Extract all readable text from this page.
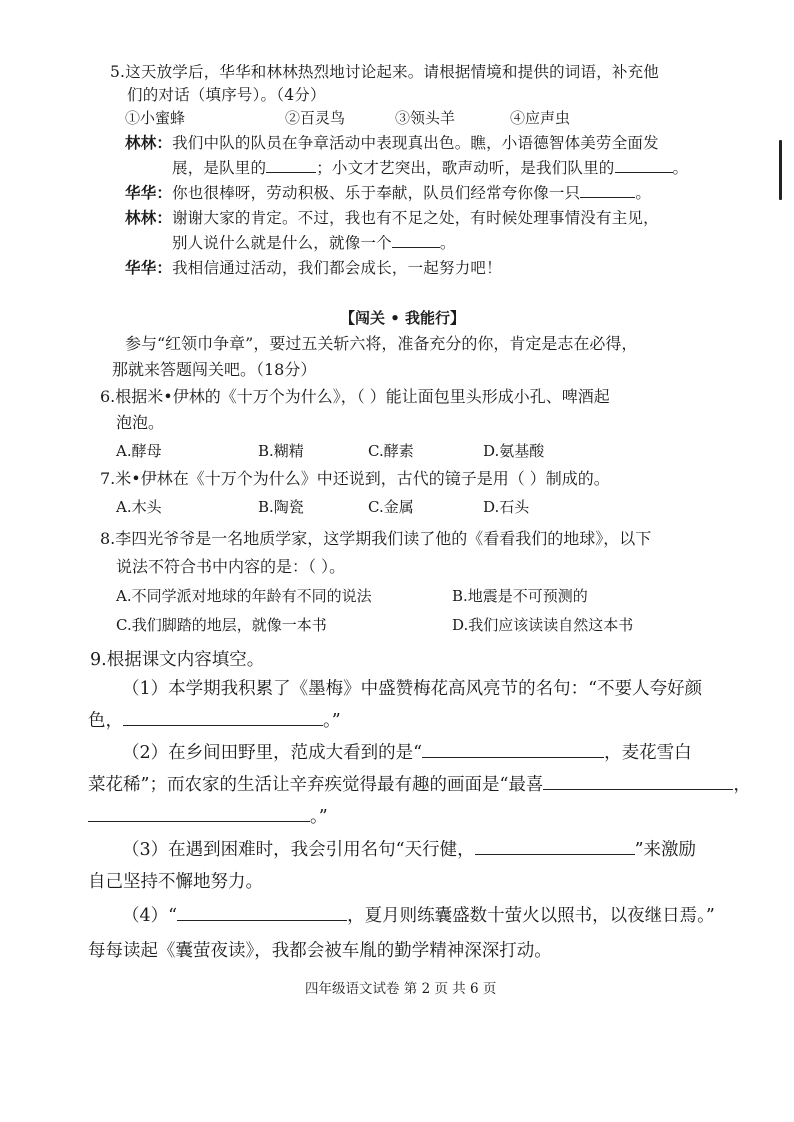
5.这天放学后，华华和林林热烈地讨论起来。请根据情境和提供的词语，补充他
们的对话（填序号）。（4分）
①小蜜蜂	②百灵鸟	③领头羊	④应声虫
林林：我们中队的队员在争章活动中表现真出色。瞧，小语德智体美劳全面发
展，是队里的	；小文才艺突出，歌声动听，是我们队里的	。
华华：你也很棒呀，劳动积极、乐于奉献，队员们经常夸你像一只	。
林林：谢谢大家的肯定。不过，我也有不足之处，有时候处理事情没有主见，
别人说什么就是什么，就像一个	。
华华：我相信通过活动，我们都会成长，一起努力吧！
【闯关 • 我能行】
参与“红领巾争章”，要过五关斩六将，准备充分的你，肯定是志在必得，
那就来答题闯关吧。（18分）
6.根据米•伊林的《十万个为什么》，（ ）能让面包里头形成小孔、啤酒起
泡泡。
A.酵母	B.糊精	C.酵素	D.氨基酸
7.米•伊林在《十万个为什么》中还说到，古代的镜子是用（ ）制成的。
A.木头	B.陶瓷	C.金属	D.石头
8.李四光爷爷是一名地质学家，这学期我们读了他的《看看我们的地球》，以下
说法不符合书中内容的是：（ ）。
A.不同学派对地球的年龄有不同的说法	B.地震是不可预测的
C.我们脚踏的地层，就像一本书	D.我们应该读读自然这本书
9.根据课文内容填空。
（1）本学期我积累了《墨梅》中盛赞梅花高风亮节的名句：“不要人夸好颜
色，	。”
（2）在乡间田野里，范成大看到的是“	，麦花雪白
菜花稀”；而农家的生活让辛弃疾觉得最有趣的画面是“最喜	，
。”
（3）在遇到困难时，我会引用名句“天行健，	”来激励
自己坚持不懈地努力。
（4）“	，夏月则练囊盛数十萤火以照书，以夜继日焉。”
每每读起《囊萤夜读》，我都会被车胤的勤学精神深深打动。
四年级语文试卷 第 2 页 共 6 页
